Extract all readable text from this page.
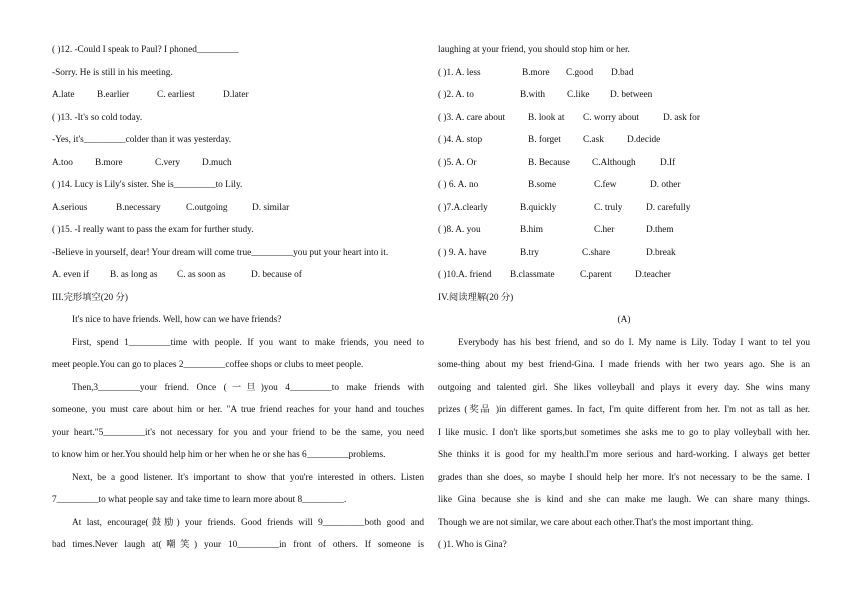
( )12. -Could I speak to Paul? I phoned_________
-Sorry. He is still in his meeting.
A.late B.earlier	C. earliest	D.later
( )13. -It's so cold today.
-Yes, it's_________colder than it was yesterday.
A.too B.more	C.very D.much
( )14. Lucy is Lily's sister. She is_________to Lily.
A.serious	B.necessary	C.outgoing	D. similar
( )15. -I really want to pass the exam for further study.
-Believe in yourself, dear! Your dream will come true_________you put your heart into it.
A. even if B. as long as C. as soon as	D. because of
III.完形填空(20 分)
It's nice to have friends. Well, how can we have friends?
First, spend 1_________time with people. If you want to make friends, you need to
meet people.You can go to places 2_________coffee shops or clubs to meet people.
Then,3_________your friend. Once (一旦)you 4_________to make friends with
someone, you must care about him or her. "A true friend reaches for your hand and touches
your heart."5_________it's not necessary for you and your friend to be the same, you need
to know him or her.You should help him or her when he or she has 6_________problems.
Next, be a good listener. It's important to show that you're interested in others. Listen
7_________to what people say and take time to learn more about 8_________.
At last, encourage(鼓励) your friends. Good friends will 9_________both good and
bad times.Never laugh at(嘲笑) your 10_________in front of others. If someone is
laughing at your friend, you should stop him or her.
( )1. A. less	B.more C.good D.bad
( )2. A. to	B.with C.like D. between
( )3. A. care about B. look at C. worry about	D. ask for
( )4. A. stop	B. forget C.ask D.decide
( )5. A. Or	B. Because C.Although	D.If
( ) 6. A. no	B.some	C.few	D. other
( )7.A.clearly	B.quickly	C. truly	D. carefully
( )8. A. you	B.him	C.her	D.them
( ) 9. A. have	B.try	C.share	D.break
( )10.A. friend B.classmate	C.parent D.teacher
IV.阅读理解(20 分)
(A)
Everybody has his best friend, and so do I. My name is Lily. Today I want to tel you
some-thing about my best friend-Gina. I made friends with her two years ago. She is an
outgoing and talented girl. She likes volleyball and plays it every day. She wins many
prizes (奖品 )in different games. In fact, I'm quite different from her. I'm not as tall as her.
I like music. I don't like sports,but sometimes she asks me to go to play volleyball with her.
She thinks it is good for my health.I'm more serious and hard-working. I always get better
grades than she does, so maybe I should help her more. It's not necessary to be the same. I
like Gina because she is kind and she can make me laugh. We can share many things.
Though we are not similar, we care about each other.That's the most important thing.
( )1. Who is Gina?
